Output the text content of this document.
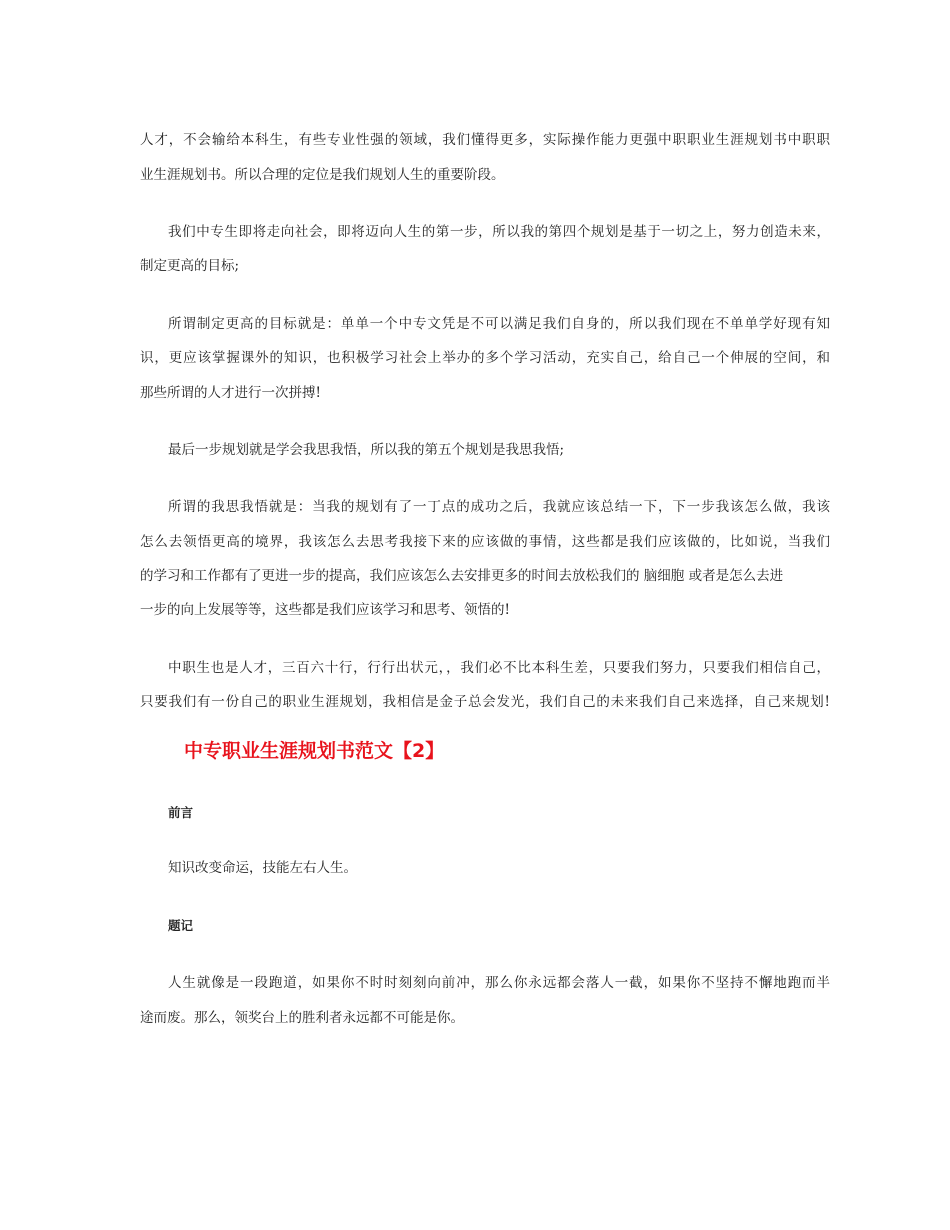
人才，不会输给本科生，有些专业性强的领域，我们懂得更多，实际操作能力更强中职职业生涯规划书中职职
业生涯规划书。所以合理的定位是我们规划人生的重要阶段。
我们中专生即将走向社会，即将迈向人生的第一步，所以我的第四个规划是基于一切之上，努力创造未来，
制定更高的目标;
所谓制定更高的目标就是：单单一个中专文凭是不可以满足我们自身的，所以我们现在不单单学好现有知
识，更应该掌握课外的知识，也积极学习社会上举办的多个学习活动，充实自己，给自己一个伸展的空间，和
那些所谓的人才进行一次拼搏!
最后一步规划就是学会我思我悟，所以我的第五个规划是我思我悟;
所谓的我思我悟就是：当我的规划有了一丁点的成功之后，我就应该总结一下，下一步我该怎么做，我该
怎么去领悟更高的境界，我该怎么去思考我接下来的应该做的事情，这些都是我们应该做的，比如说，当我们
的学习和工作都有了更进一步的提高，我们应该怎么去安排更多的时间去放松我们的 脑细胞 或者是怎么去进
一步的向上发展等等，这些都是我们应该学习和思考、领悟的!
中职生也是人才，三百六十行，行行出状元，，我们必不比本科生差，只要我们努力，只要我们相信自己，
只要我们有一份自己的职业生涯规划，我相信是金子总会发光，我们自己的未来我们自己来选择，自己来规划!
中专职业生涯规划书范文【2】
前言
知识改变命运，技能左右人生。
题记
人生就像是一段跑道，如果你不时时刻刻向前冲，那么你永远都会落人一截，如果你不坚持不懈地跑而半
途而废。那么，领奖台上的胜利者永远都不可能是你。
